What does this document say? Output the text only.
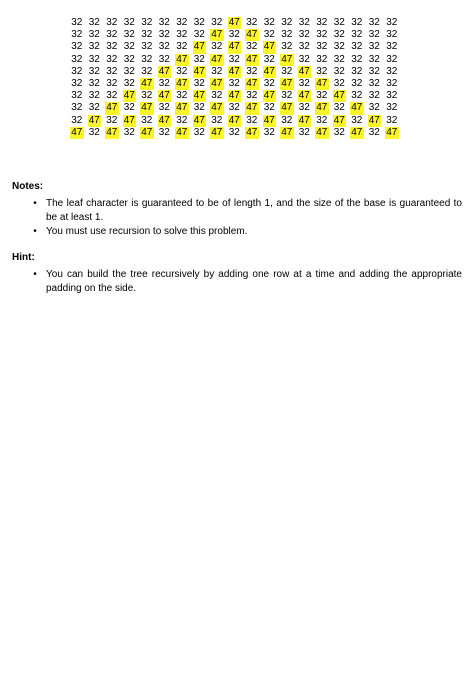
32 32 32 32 32 32 32 32 32 47 32 32 32 32 32 32 32 32 32
32 32 32 32 32 32 32 32 47 32 47 32 32 32 32 32 32 32 32
32 32 32 32 32 32 32 47 32 47 32 47 32 32 32 32 32 32 32
32 32 32 32 32 32 47 32 47 32 47 32 47 32 32 32 32 32 32
32 32 32 32 32 47 32 47 32 47 32 47 32 47 32 32 32 32 32
32 32 32 32 47 32 47 32 47 32 47 32 47 32 47 32 32 32 32
32 32 32 47 32 47 32 47 32 47 32 47 32 47 32 47 32 32 32
32 32 47 32 47 32 47 32 47 32 47 32 47 32 47 32 47 32 32
32 47 32 47 32 47 32 47 32 47 32 47 32 47 32 47 32 47 32
47 32 47 32 47 32 47 32 47 32 47 32 47 32 47 32 47 32 47
Notes:
• The leaf character is guaranteed to be of length 1, and the size of the base is guaranteed to be at least 1.
• You must use recursion to solve this problem.
Hint:
• You can build the tree recursively by adding one row at a time and adding the appropriate padding on the side.
